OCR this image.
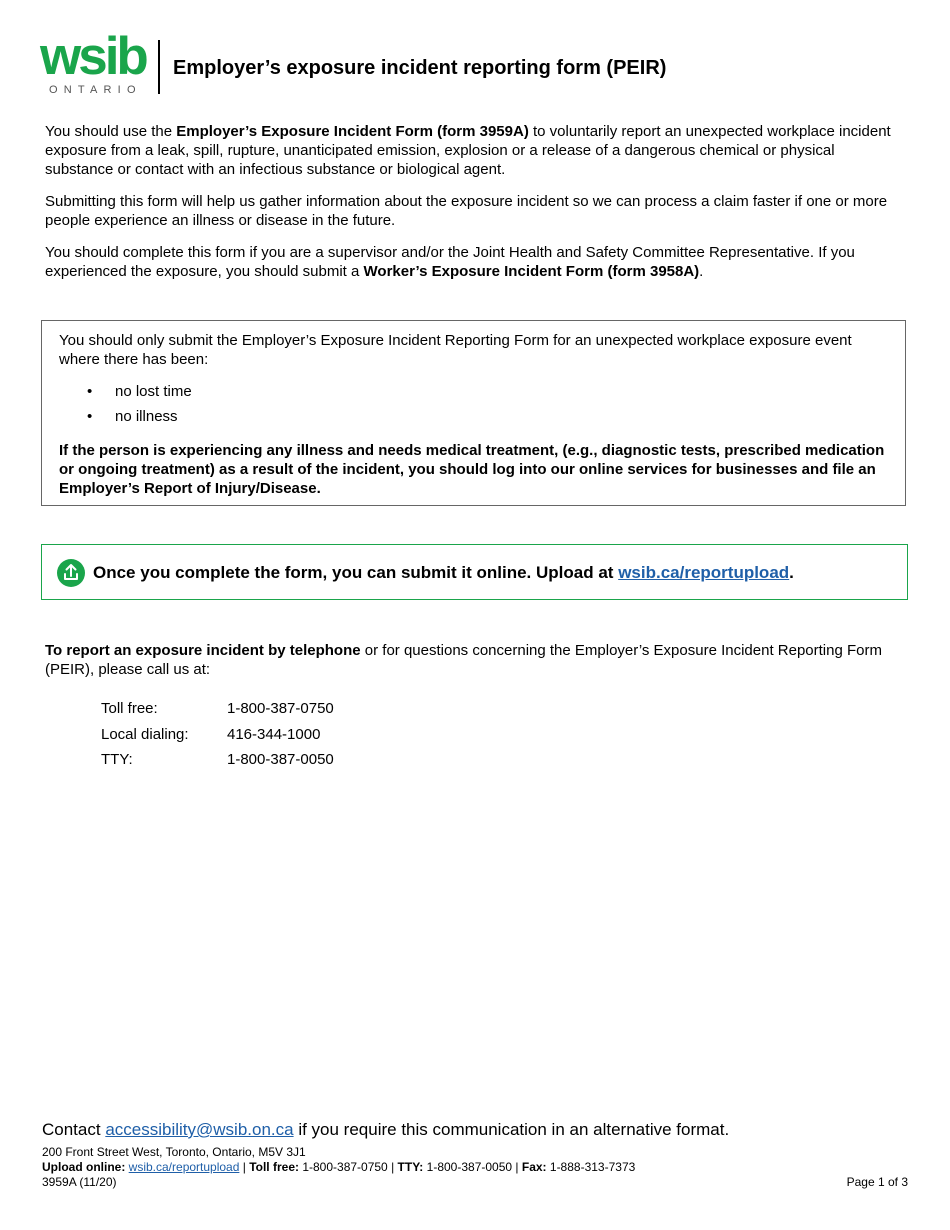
wsib
ONTARIO
Employer’s exposure incident reporting form (PEIR)

You should use the Employer’s Exposure Incident Form (form 3959A) to voluntarily report an unexpected workplace incident exposure from a leak, spill, rupture, unanticipated emission, explosion or a release of a dangerous chemical or physical substance or contact with an infectious substance or biological agent.

Submitting this form will help us gather information about the exposure incident so we can process a claim faster if one or more people experience an illness or disease in the future.

You should complete this form if you are a supervisor and/or the Joint Health and Safety Committee Representative. If you experienced the exposure, you should submit a Worker’s Exposure Incident Form (form 3958A).

You should only submit the Employer’s Exposure Incident Reporting Form for an unexpected workplace exposure event where there has been:

• no lost time
• no illness

If the person is experiencing any illness and needs medical treatment, (e.g., diagnostic tests, prescribed medication or ongoing treatment) as a result of the incident, you should log into our online services for businesses and file an Employer’s Report of Injury/Disease.

Once you complete the form, you can submit it online. Upload at wsib.ca/reportupload.

To report an exposure incident by telephone or for questions concerning the Employer’s Exposure Incident Reporting Form (PEIR), please call us at:

Toll free:	1-800-387-0750
Local dialing:	416-344-1000
TTY:	1-800-387-0050
Contact accessibility@wsib.on.ca if you require this communication in an alternative format.
200 Front Street West, Toronto, Ontario, M5V 3J1
Upload online: wsib.ca/reportupload | Toll free: 1-800-387-0750 | TTY: 1-800-387-0050 | Fax: 1-888-313-7373
3959A (11/20)	Page 1 of 3
